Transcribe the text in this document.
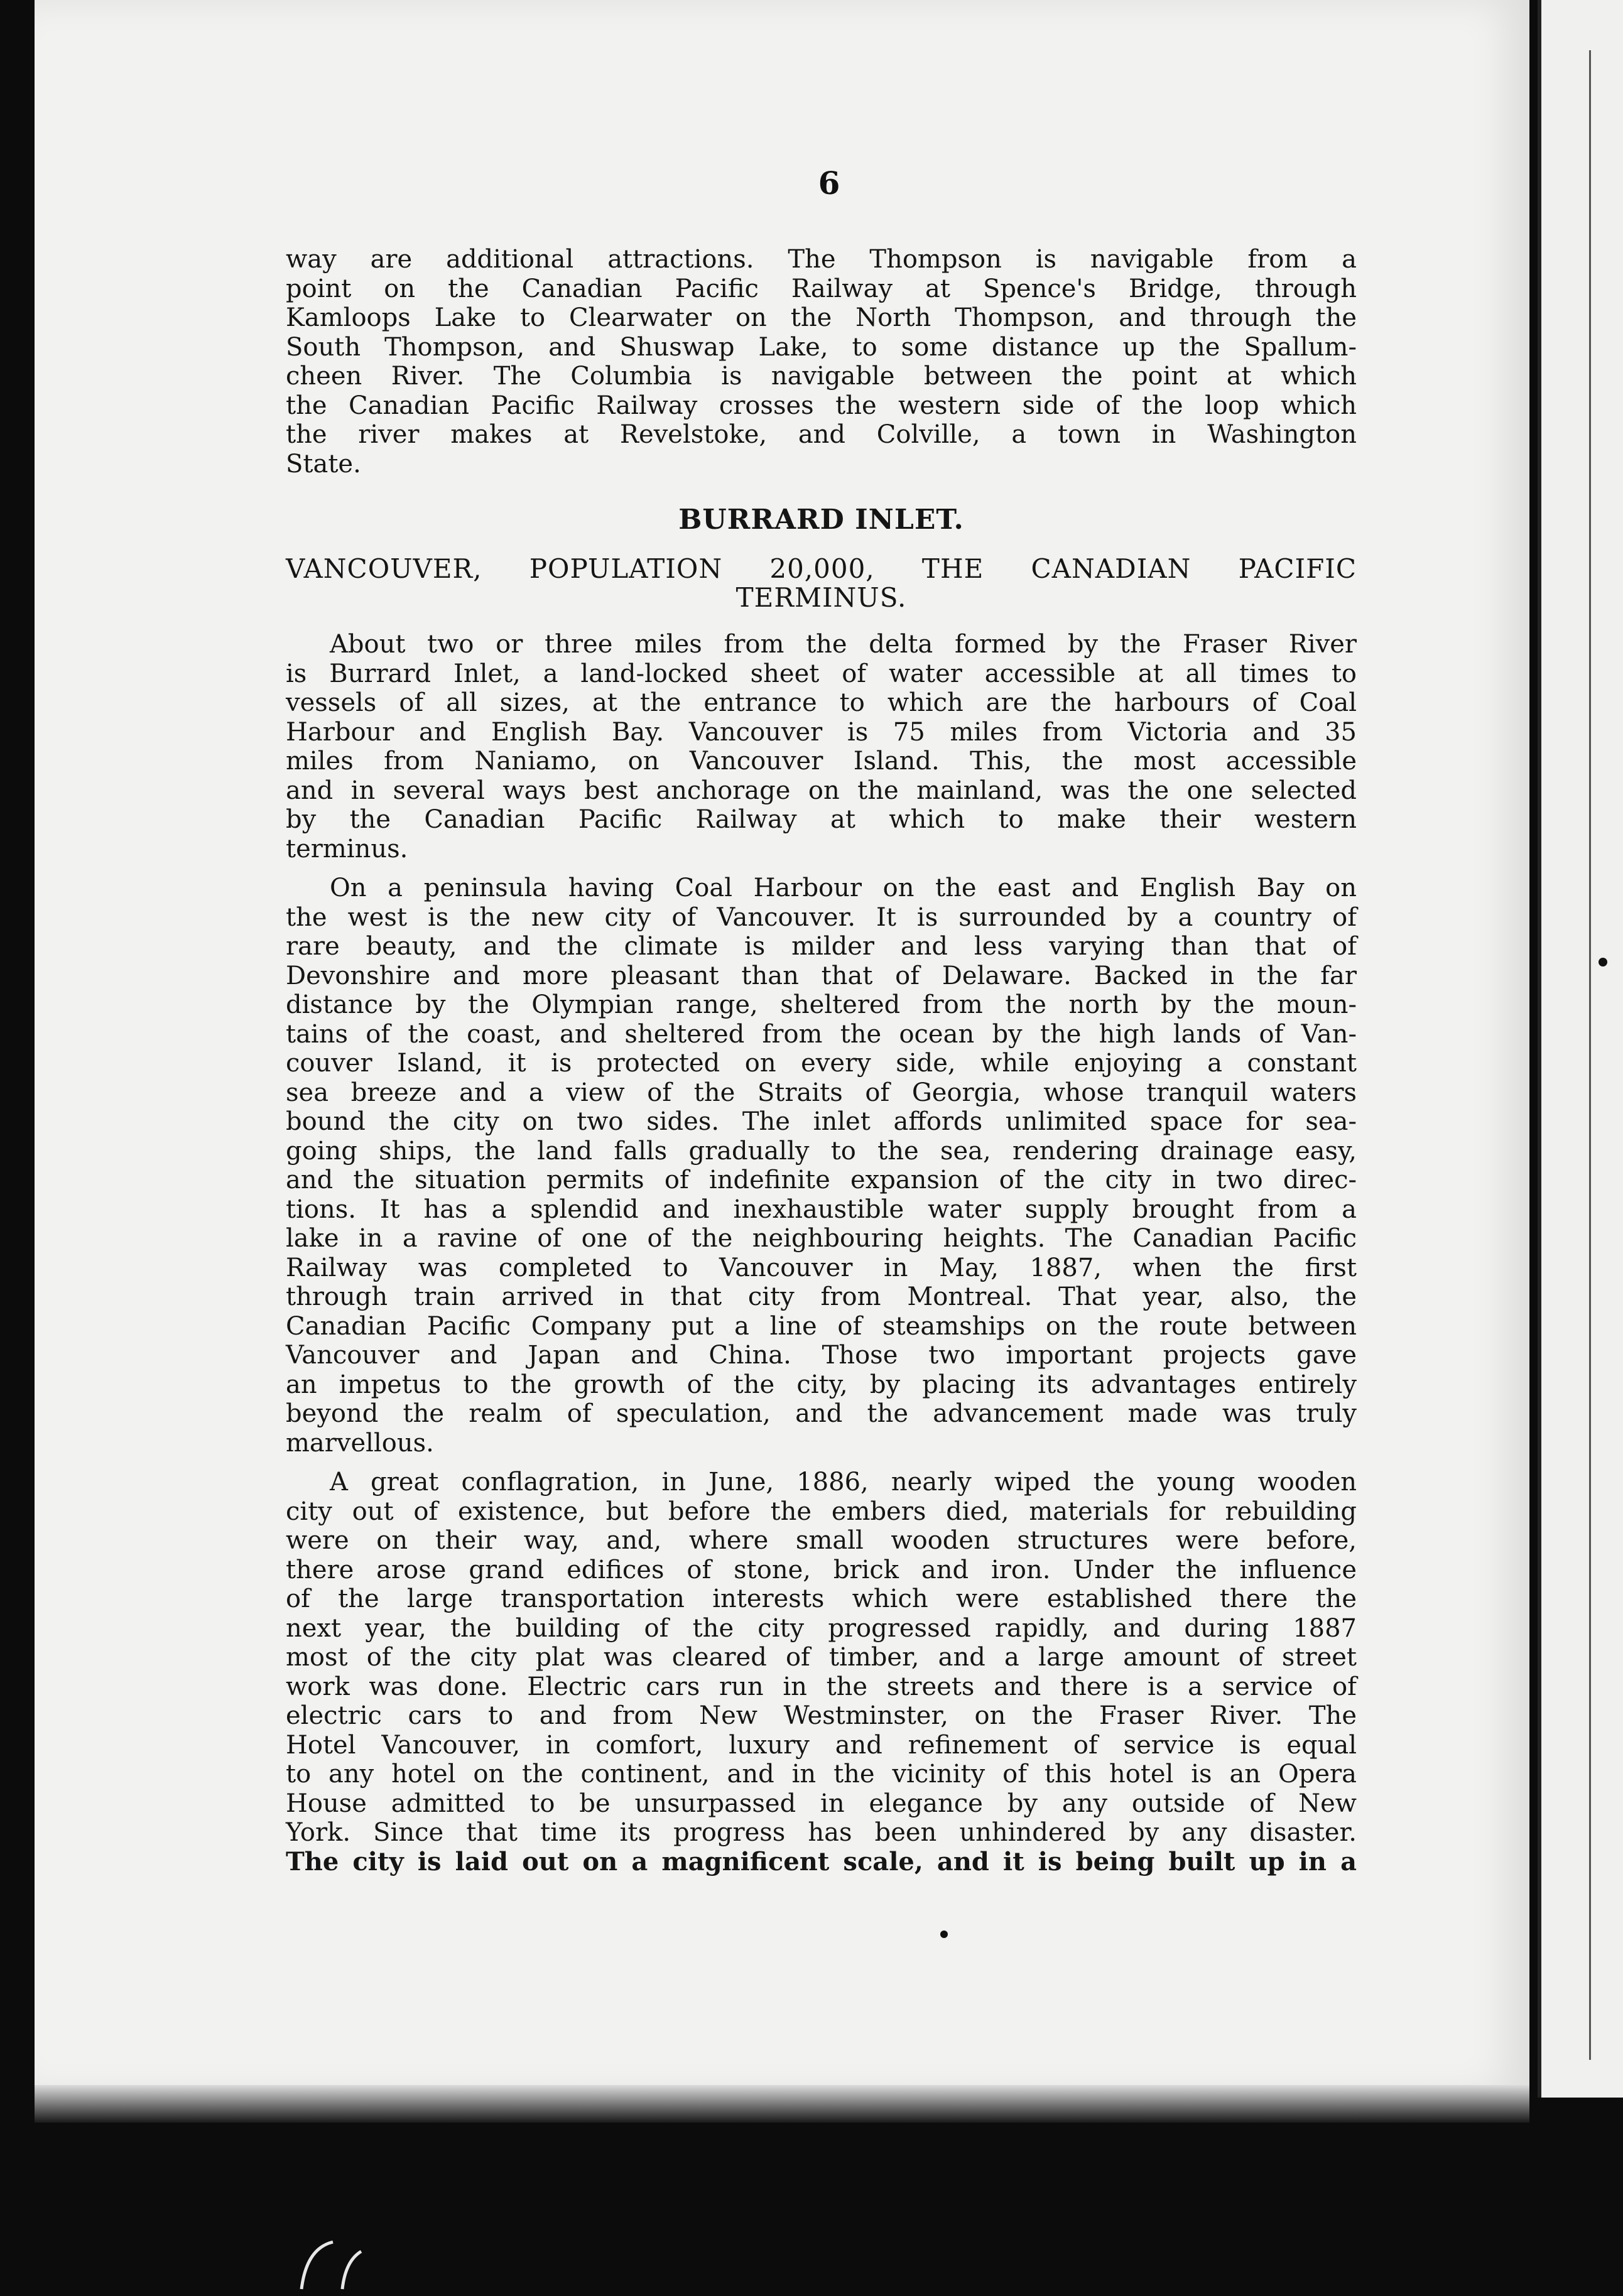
6
way are additional attractions. The Thompson is navigable from a
point on the Canadian Pacific Railway at Spence's Bridge, through
Kamloops Lake to Clearwater on the North Thompson, and through the
South Thompson, and Shuswap Lake, to some distance up the Spallum-
cheen River. The Columbia is navigable between the point at which
the Canadian Pacific Railway crosses the western side of the loop which
the river makes at Revelstoke, and Colville, a town in Washington
State.
BURRARD INLET.
VANCOUVER, POPULATION 20,000, THE CANADIAN PACIFIC
TERMINUS.
About two or three miles from the delta formed by the Fraser River
is Burrard Inlet, a land-locked sheet of water accessible at all times to
vessels of all sizes, at the entrance to which are the harbours of Coal
Harbour and English Bay. Vancouver is 75 miles from Victoria and 35
miles from Naniamo, on Vancouver Island. This, the most accessible
and in several ways best anchorage on the mainland, was the one selected
by the Canadian Pacific Railway at which to make their western
terminus.
On a peninsula having Coal Harbour on the east and English Bay on
the west is the new city of Vancouver. It is surrounded by a country of
rare beauty, and the climate is milder and less varying than that of
Devonshire and more pleasant than that of Delaware. Backed in the far
distance by the Olympian range, sheltered from the north by the moun-
tains of the coast, and sheltered from the ocean by the high lands of Van-
couver Island, it is protected on every side, while enjoying a constant
sea breeze and a view of the Straits of Georgia, whose tranquil waters
bound the city on two sides. The inlet affords unlimited space for sea-
going ships, the land falls gradually to the sea, rendering drainage easy,
and the situation permits of indefinite expansion of the city in two direc-
tions. It has a splendid and inexhaustible water supply brought from a
lake in a ravine of one of the neighbouring heights. The Canadian Pacific
Railway was completed to Vancouver in May, 1887, when the first
through train arrived in that city from Montreal. That year, also, the
Canadian Pacific Company put a line of steamships on the route between
Vancouver and Japan and China. Those two important projects gave
an impetus to the growth of the city, by placing its advantages entirely
beyond the realm of speculation, and the advancement made was truly
marvellous.
A great conflagration, in June, 1886, nearly wiped the young wooden
city out of existence, but before the embers died, materials for rebuilding
were on their way, and, where small wooden structures were before,
there arose grand edifices of stone, brick and iron. Under the influence
of the large transportation interests which were established there the
next year, the building of the city progressed rapidly, and during 1887
most of the city plat was cleared of timber, and a large amount of street
work was done. Electric cars run in the streets and there is a service of
electric cars to and from New Westminster, on the Fraser River. The
Hotel Vancouver, in comfort, luxury and refinement of service is equal
to any hotel on the continent, and in the vicinity of this hotel is an Opera
House admitted to be unsurpassed in elegance by any outside of New
York. Since that time its progress has been unhindered by any disaster.
The city is laid out on a magnificent scale, and it is being built up in a
